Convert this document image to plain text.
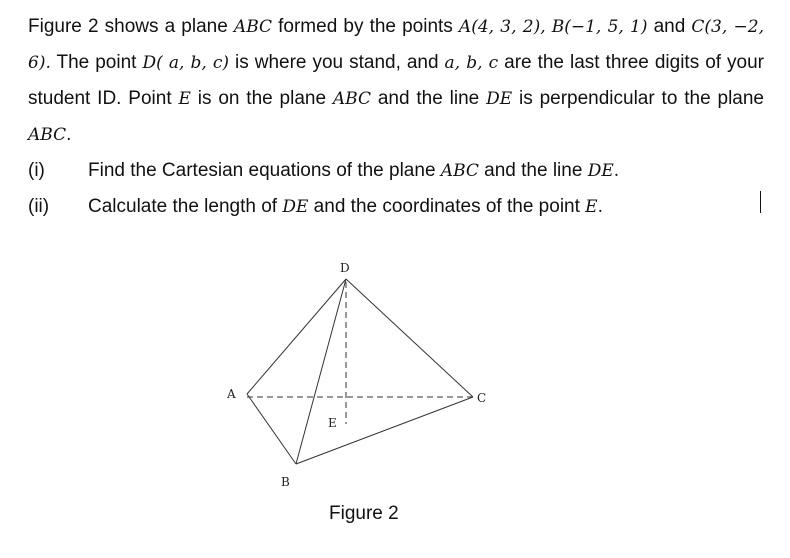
Figure 2 shows a plane ABC formed by the points A(4, 3, 2), B(−1, 5, 1) and C(3, −2, 6). The point D( a, b, c) is where you stand, and a, b, c are the last three digits of your student ID. Point E is on the plane ABC and the line DE is perpendicular to the plane ABC.
(i)	Find the Cartesian equations of the plane ABC and the line DE.
(ii)	Calculate the length of DE and the coordinates of the point E.
D
A	C
B
E
Figure 2
